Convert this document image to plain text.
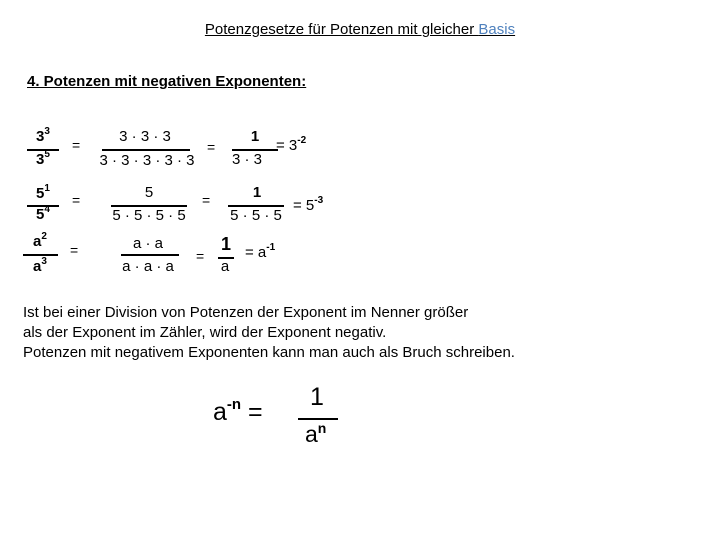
Potenzgesetze für Potenzen mit gleicher Basis
4. Potenzen mit negativen Exponenten:
$3^3$
$3^5$
=	3 · 3 · 3
3 · 3 · 3 · 3 · 3
=
1
3 · 3
= $3^{-2}$
$5^1$
$5^4$
=	5
5 · 5 · 5 · 5
=	1
5 · 5 · 5
= $5^{-3}$
$a^2$
$a^3$
=	a · a
a · a · a
=
1
a
= $a^{-1}$
Ist bei einer Division von Potenzen der Exponent im Nenner größer
als der Exponent im Zähler, wird der Exponent negativ.
Potenzen mit negativem Exponenten kann man auch als Bruch schreiben.
$a^{-n}$ =
1
$a^n$
